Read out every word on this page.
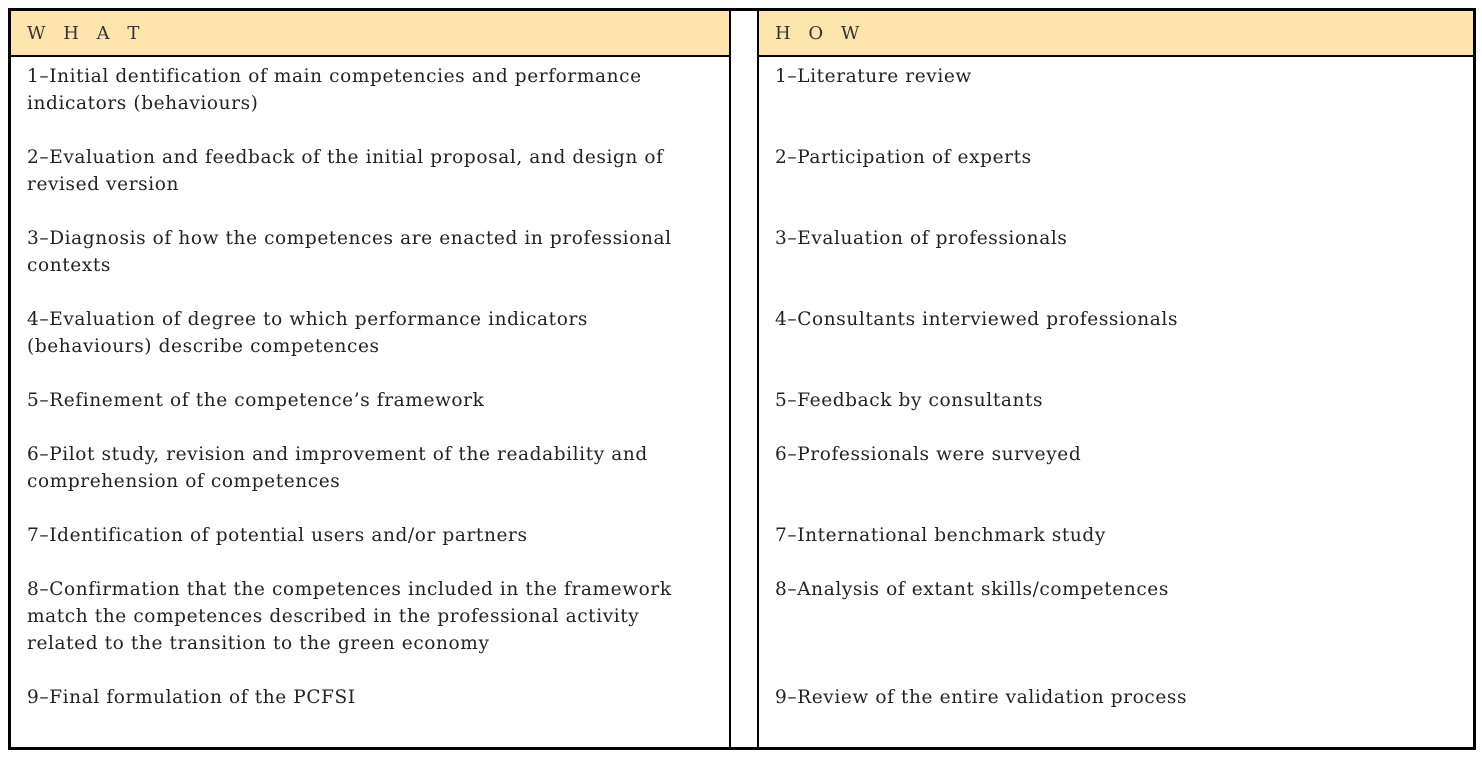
W H A T
1–Initial dentification of main competencies and performance indicators (behaviours)
2–Evaluation and feedback of the initial proposal, and design of revised version
3–Diagnosis of how the competences are enacted in professional contexts
4–Evaluation of degree to which performance indicators (behaviours) describe competences
5–Refinement of the competence’s framework
6–Pilot study, revision and improvement of the readability and comprehension of competences
7–Identification of potential users and/or partners
8–Confirmation that the competences included in the framework match the competences described in the professional activity related to the transition to the green economy
9–Final formulation of the PCFSI
H O W
1–Literature review
2–Participation of experts
3–Evaluation of professionals
4–Consultants interviewed professionals
5–Feedback by consultants
6–Professionals were surveyed
7–International benchmark study
8–Analysis of extant skills/competences
9–Review of the entire validation process
